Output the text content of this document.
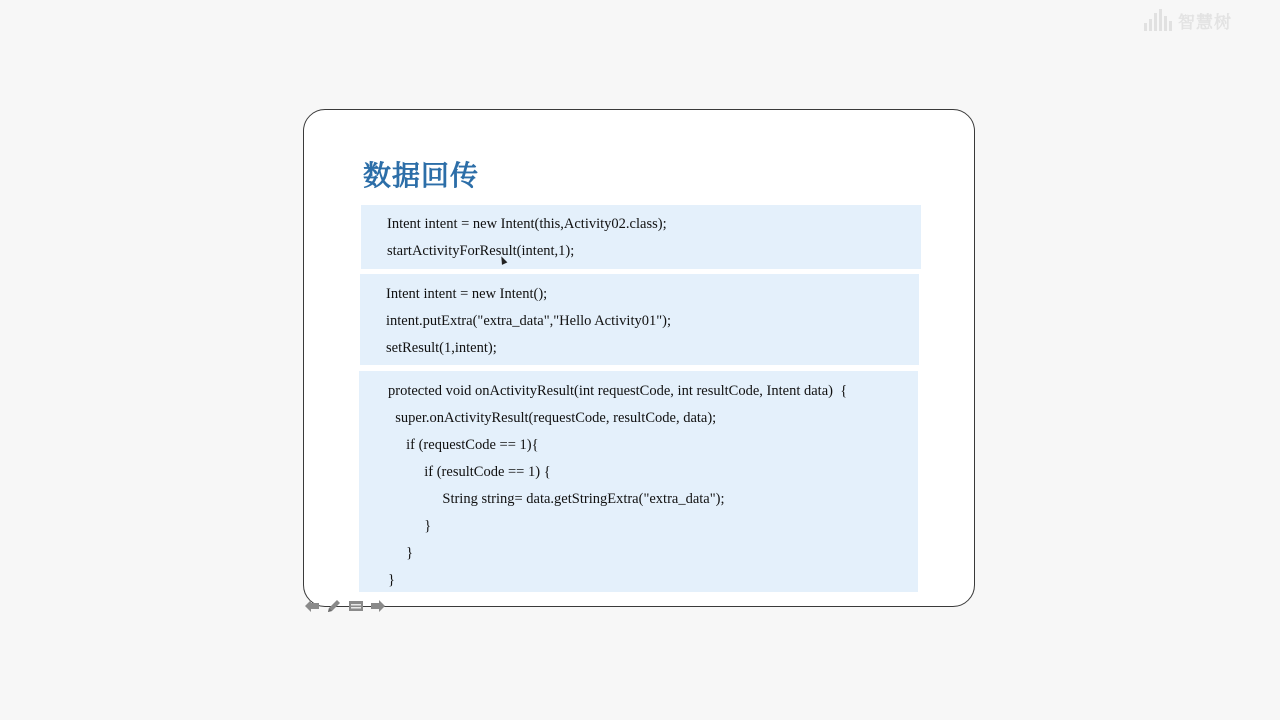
智慧树
数据回传
Intent intent = new Intent(this,Activity02.class);
startActivityForResult(intent,1);
Intent intent = new Intent();
intent.putExtra("extra_data","Hello Activity01");
setResult(1,intent);
protected void onActivityResult(int requestCode, int resultCode, Intent data)  {
super.onActivityResult(requestCode, resultCode, data);
if (requestCode == 1){
if (resultCode == 1) {
String string= data.getStringExtra("extra_data");
}
}
}
